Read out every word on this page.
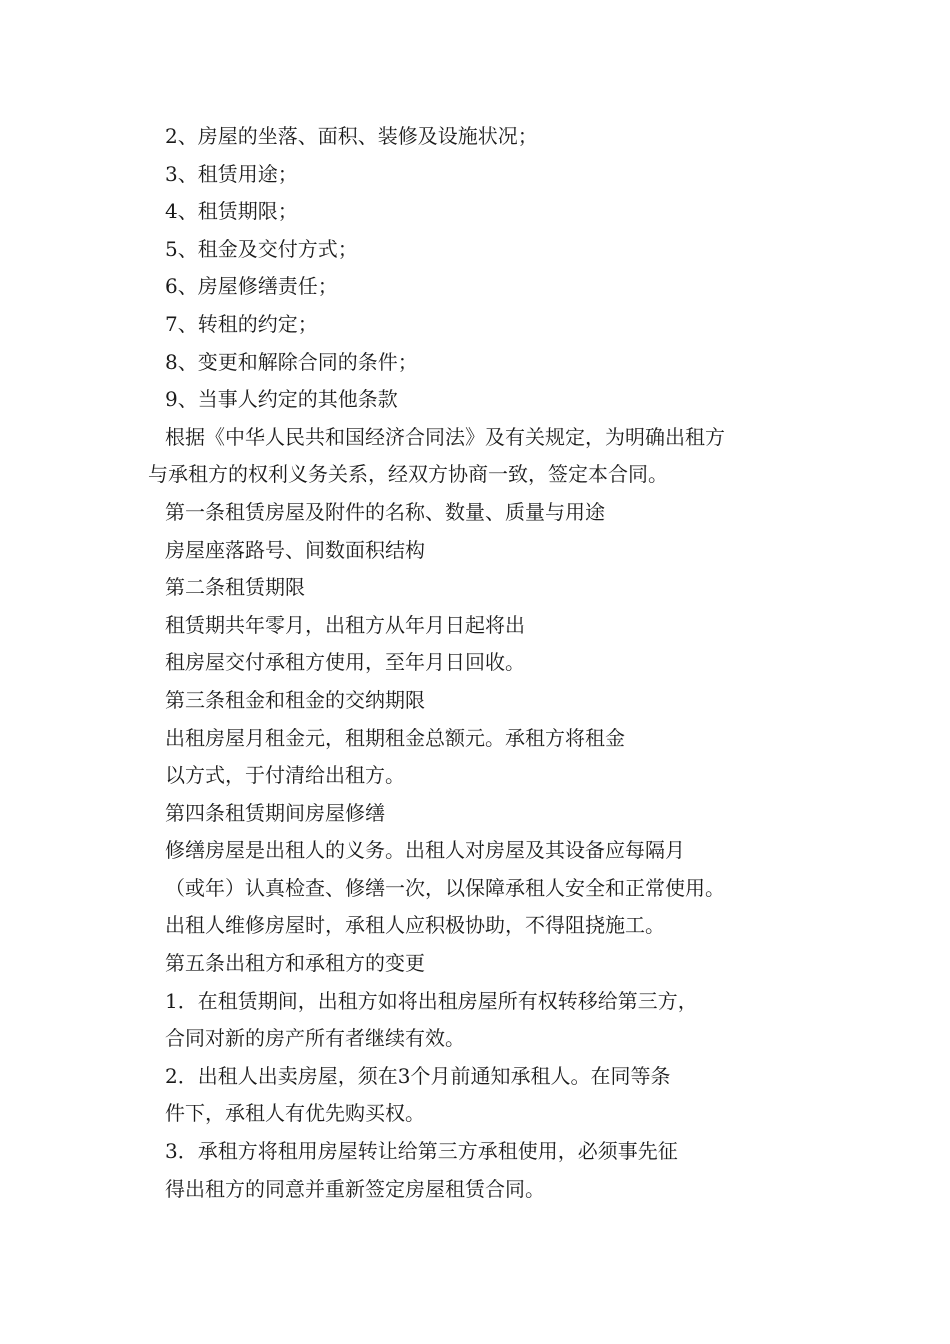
2、房屋的坐落、面积、装修及设施状况；
3、租赁用途；
4、租赁期限；
5、租金及交付方式；
6、房屋修缮责任；
7、转租的约定；
8、变更和解除合同的条件；
9、当事人约定的其他条款
根据《中华人民共和国经济合同法》及有关规定，为明确出租方
与承租方的权利义务关系，经双方协商一致，签定本合同。
第一条租赁房屋及附件的名称、数量、质量与用途
房屋座落路号、间数面积结构
第二条租赁期限
租赁期共年零月，出租方从年月日起将出
租房屋交付承租方使用，至年月日回收。
第三条租金和租金的交纳期限
出租房屋月租金元，租期租金总额元。承租方将租金
以方式，于付清给出租方。
第四条租赁期间房屋修缮
修缮房屋是出租人的义务。出租人对房屋及其设备应每隔月
（或年）认真检查、修缮一次，以保障承租人安全和正常使用。
出租人维修房屋时，承租人应积极协助，不得阻挠施工。
第五条出租方和承租方的变更
1．在租赁期间，出租方如将出租房屋所有权转移给第三方，
合同对新的房产所有者继续有效。
2．出租人出卖房屋，须在3个月前通知承租人。在同等条
件下，承租人有优先购买权。
3．承租方将租用房屋转让给第三方承租使用，必须事先征
得出租方的同意并重新签定房屋租赁合同。
